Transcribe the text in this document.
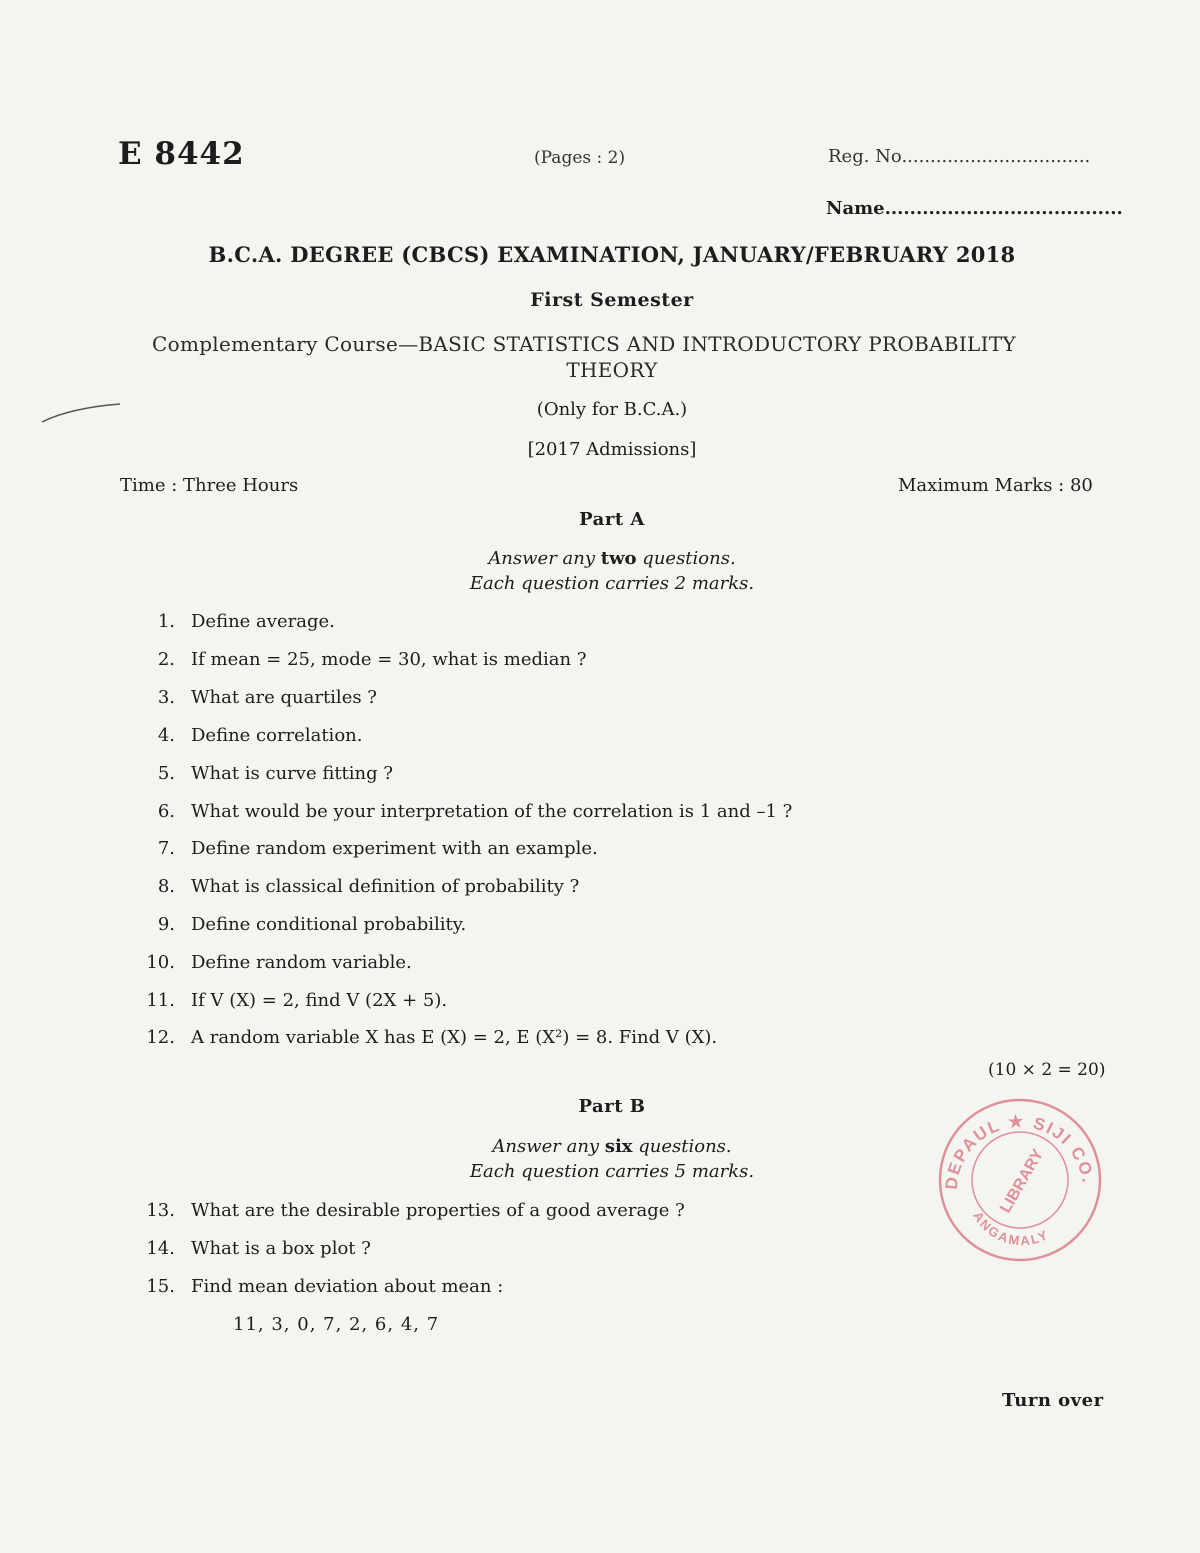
E 8442	(Pages : 2)	Reg. No.................................
Name......................................
B.C.A. DEGREE (CBCS) EXAMINATION, JANUARY/FEBRUARY 2018
First Semester
Complementary Course—BASIC STATISTICS AND INTRODUCTORY PROBABILITY
THEORY
(Only for B.C.A.)
[2017 Admissions]
Time : Three Hours	Maximum Marks : 80
Part A
Answer any two questions.
Each question carries 2 marks.
1. Define average.
2. If mean = 25, mode = 30, what is median ?
3. What are quartiles ?
4. Define correlation.
5. What is curve fitting ?
6. What would be your interpretation of the correlation is 1 and –1 ?
7. Define random experiment with an example.
8. What is classical definition of probability ?
9. Define conditional probability.
10. Define random variable.
11. If V (X) = 2, find V (2X + 5).
12. A random variable X has E (X) = 2, E (X²) = 8. Find V (X).
(10 × 2 = 20)
Part B
Answer any six questions.
Each question carries 5 marks.
13. What are the desirable properties of a good average ?
14. What is a box plot ?
15. Find mean deviation about mean :
11, 3, 0, 7, 2, 6, 4, 7
Turn over
DEPAUL ★ SIJI CO.
LIBRARY
ANGAMALY
